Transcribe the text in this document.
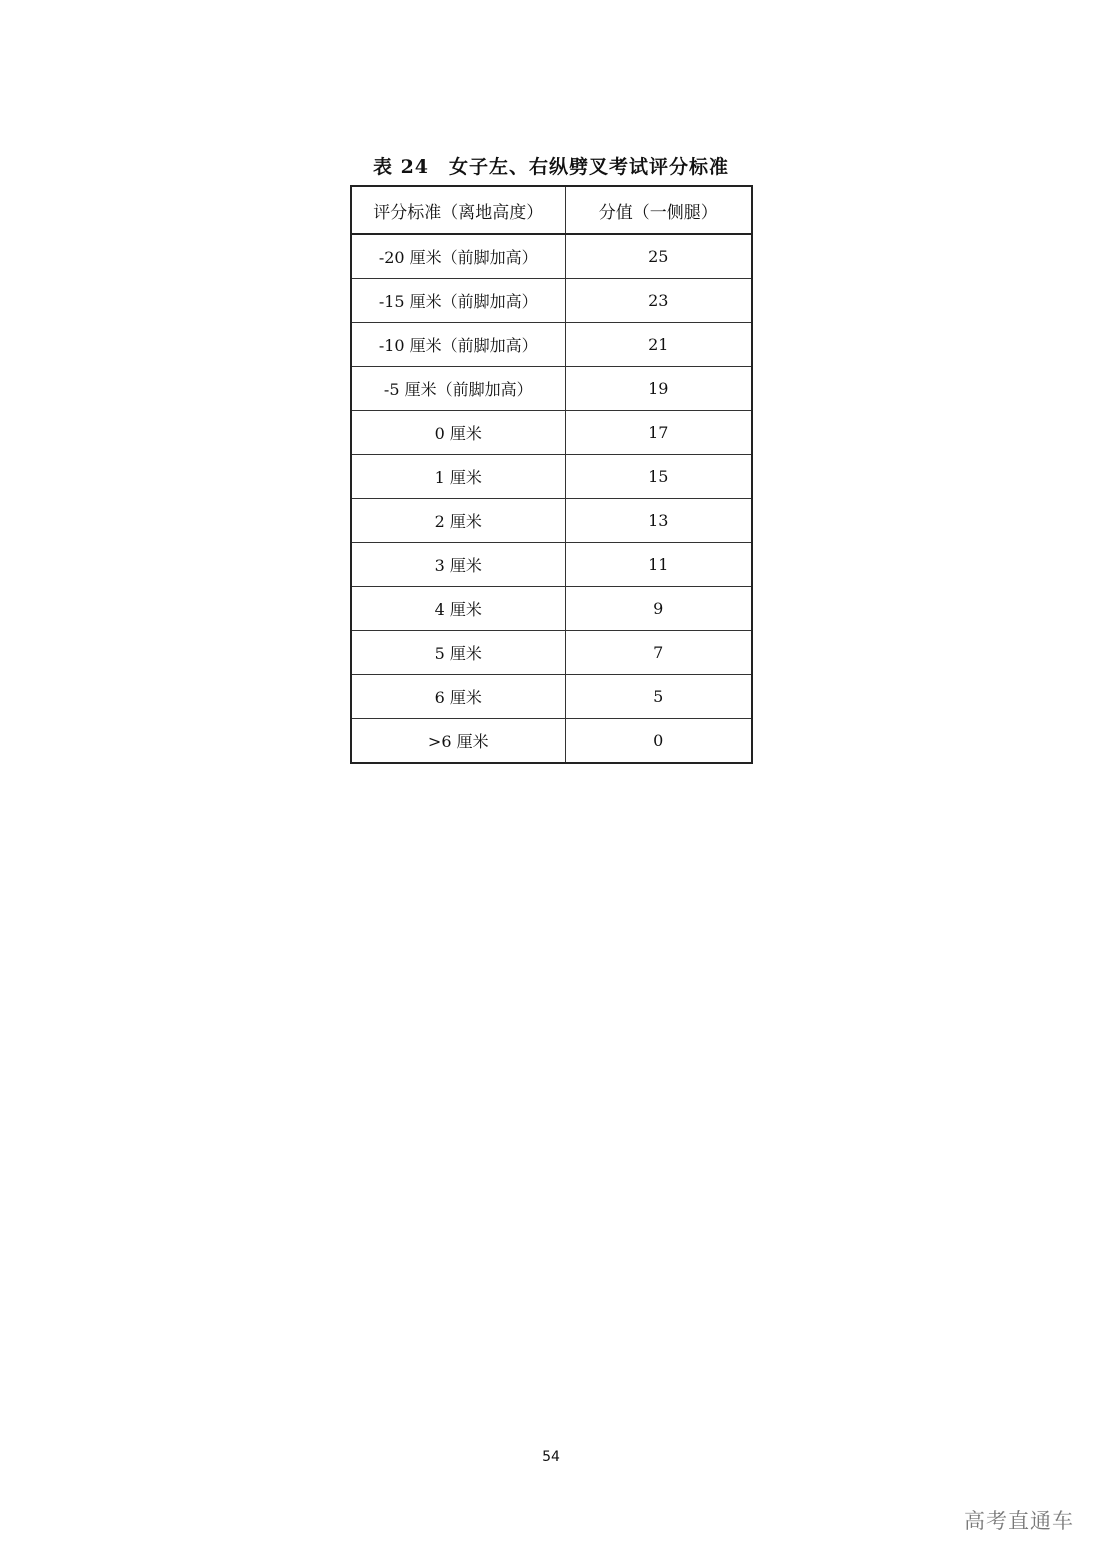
表 24　女子左、右纵劈叉考试评分标准
评分标准（离地高度）	分值（一侧腿）
-20 厘米（前脚加高）	25
-15 厘米（前脚加高）	23
-10 厘米（前脚加高）	21
-5 厘米（前脚加高）	19
0 厘米	17
1 厘米	15
2 厘米	13
3 厘米	11
4 厘米	9
5 厘米	7
6 厘米	5
>6 厘米	0
54
高考直通车
